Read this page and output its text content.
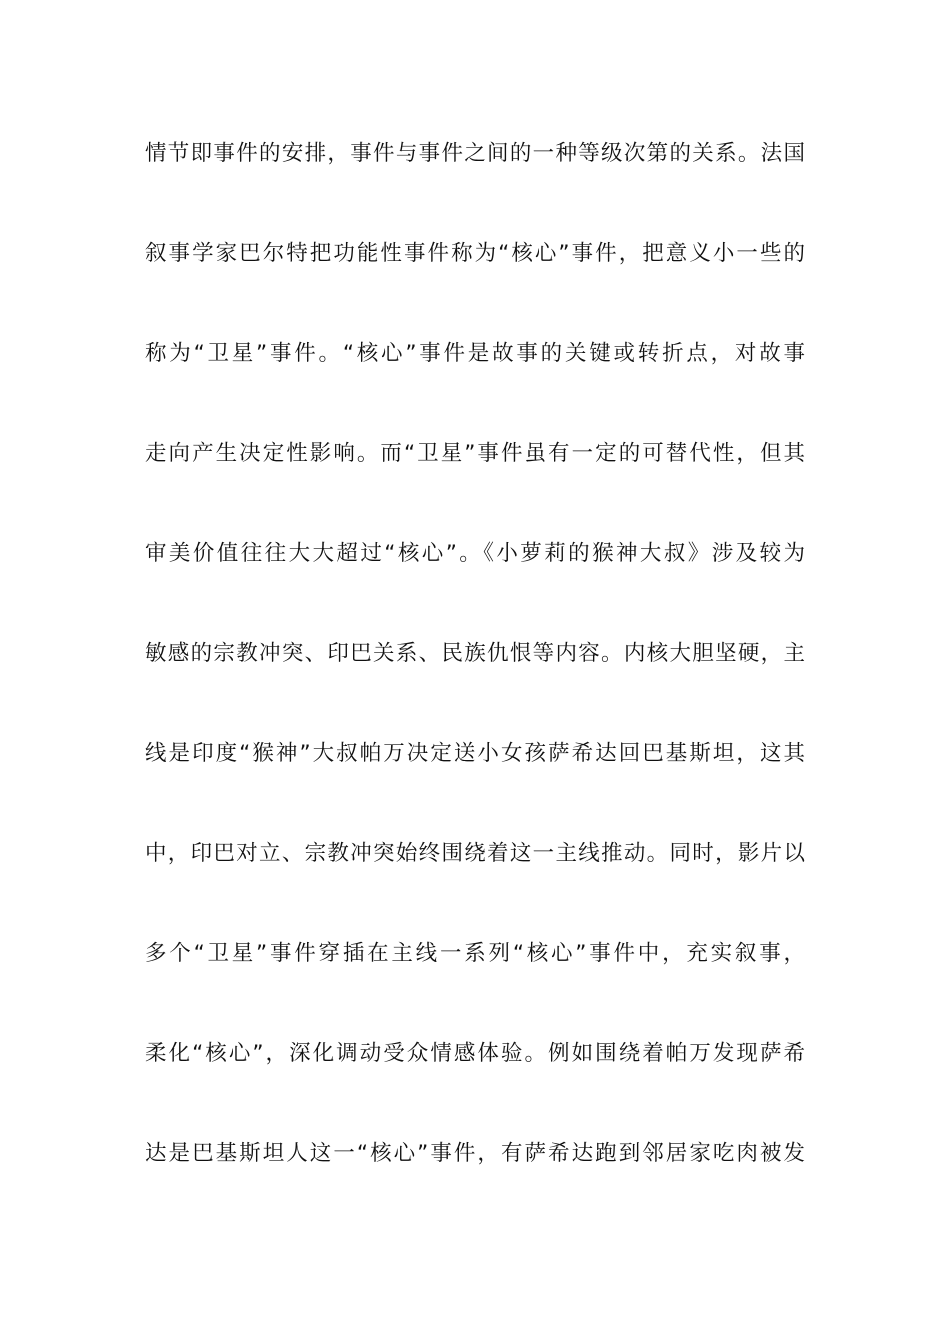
情节即事件的安排，事件与事件之间的一种等级次第的关系。法国
叙事学家巴尔特把功能性事件称为“核心”事件，把意义小一些的
称为“卫星”事件。“核心”事件是故事的关键或转折点，对故事
走向产生决定性影响。而“卫星”事件虽有一定的可替代性，但其
审美价值往往大大超过“核心”。《小萝莉的猴神大叔》涉及较为
敏感的宗教冲突、印巴关系、民族仇恨等内容。内核大胆坚硬，主
线是印度“猴神”大叔帕万决定送小女孩萨希达回巴基斯坦，这其
中，印巴对立、宗教冲突始终围绕着这一主线推动。同时，影片以
多个“卫星”事件穿插在主线一系列“核心”事件中，充实叙事，
柔化“核心”，深化调动受众情感体验。例如围绕着帕万发现萨希
达是巴基斯坦人这一“核心”事件，有萨希达跑到邻居家吃肉被发
